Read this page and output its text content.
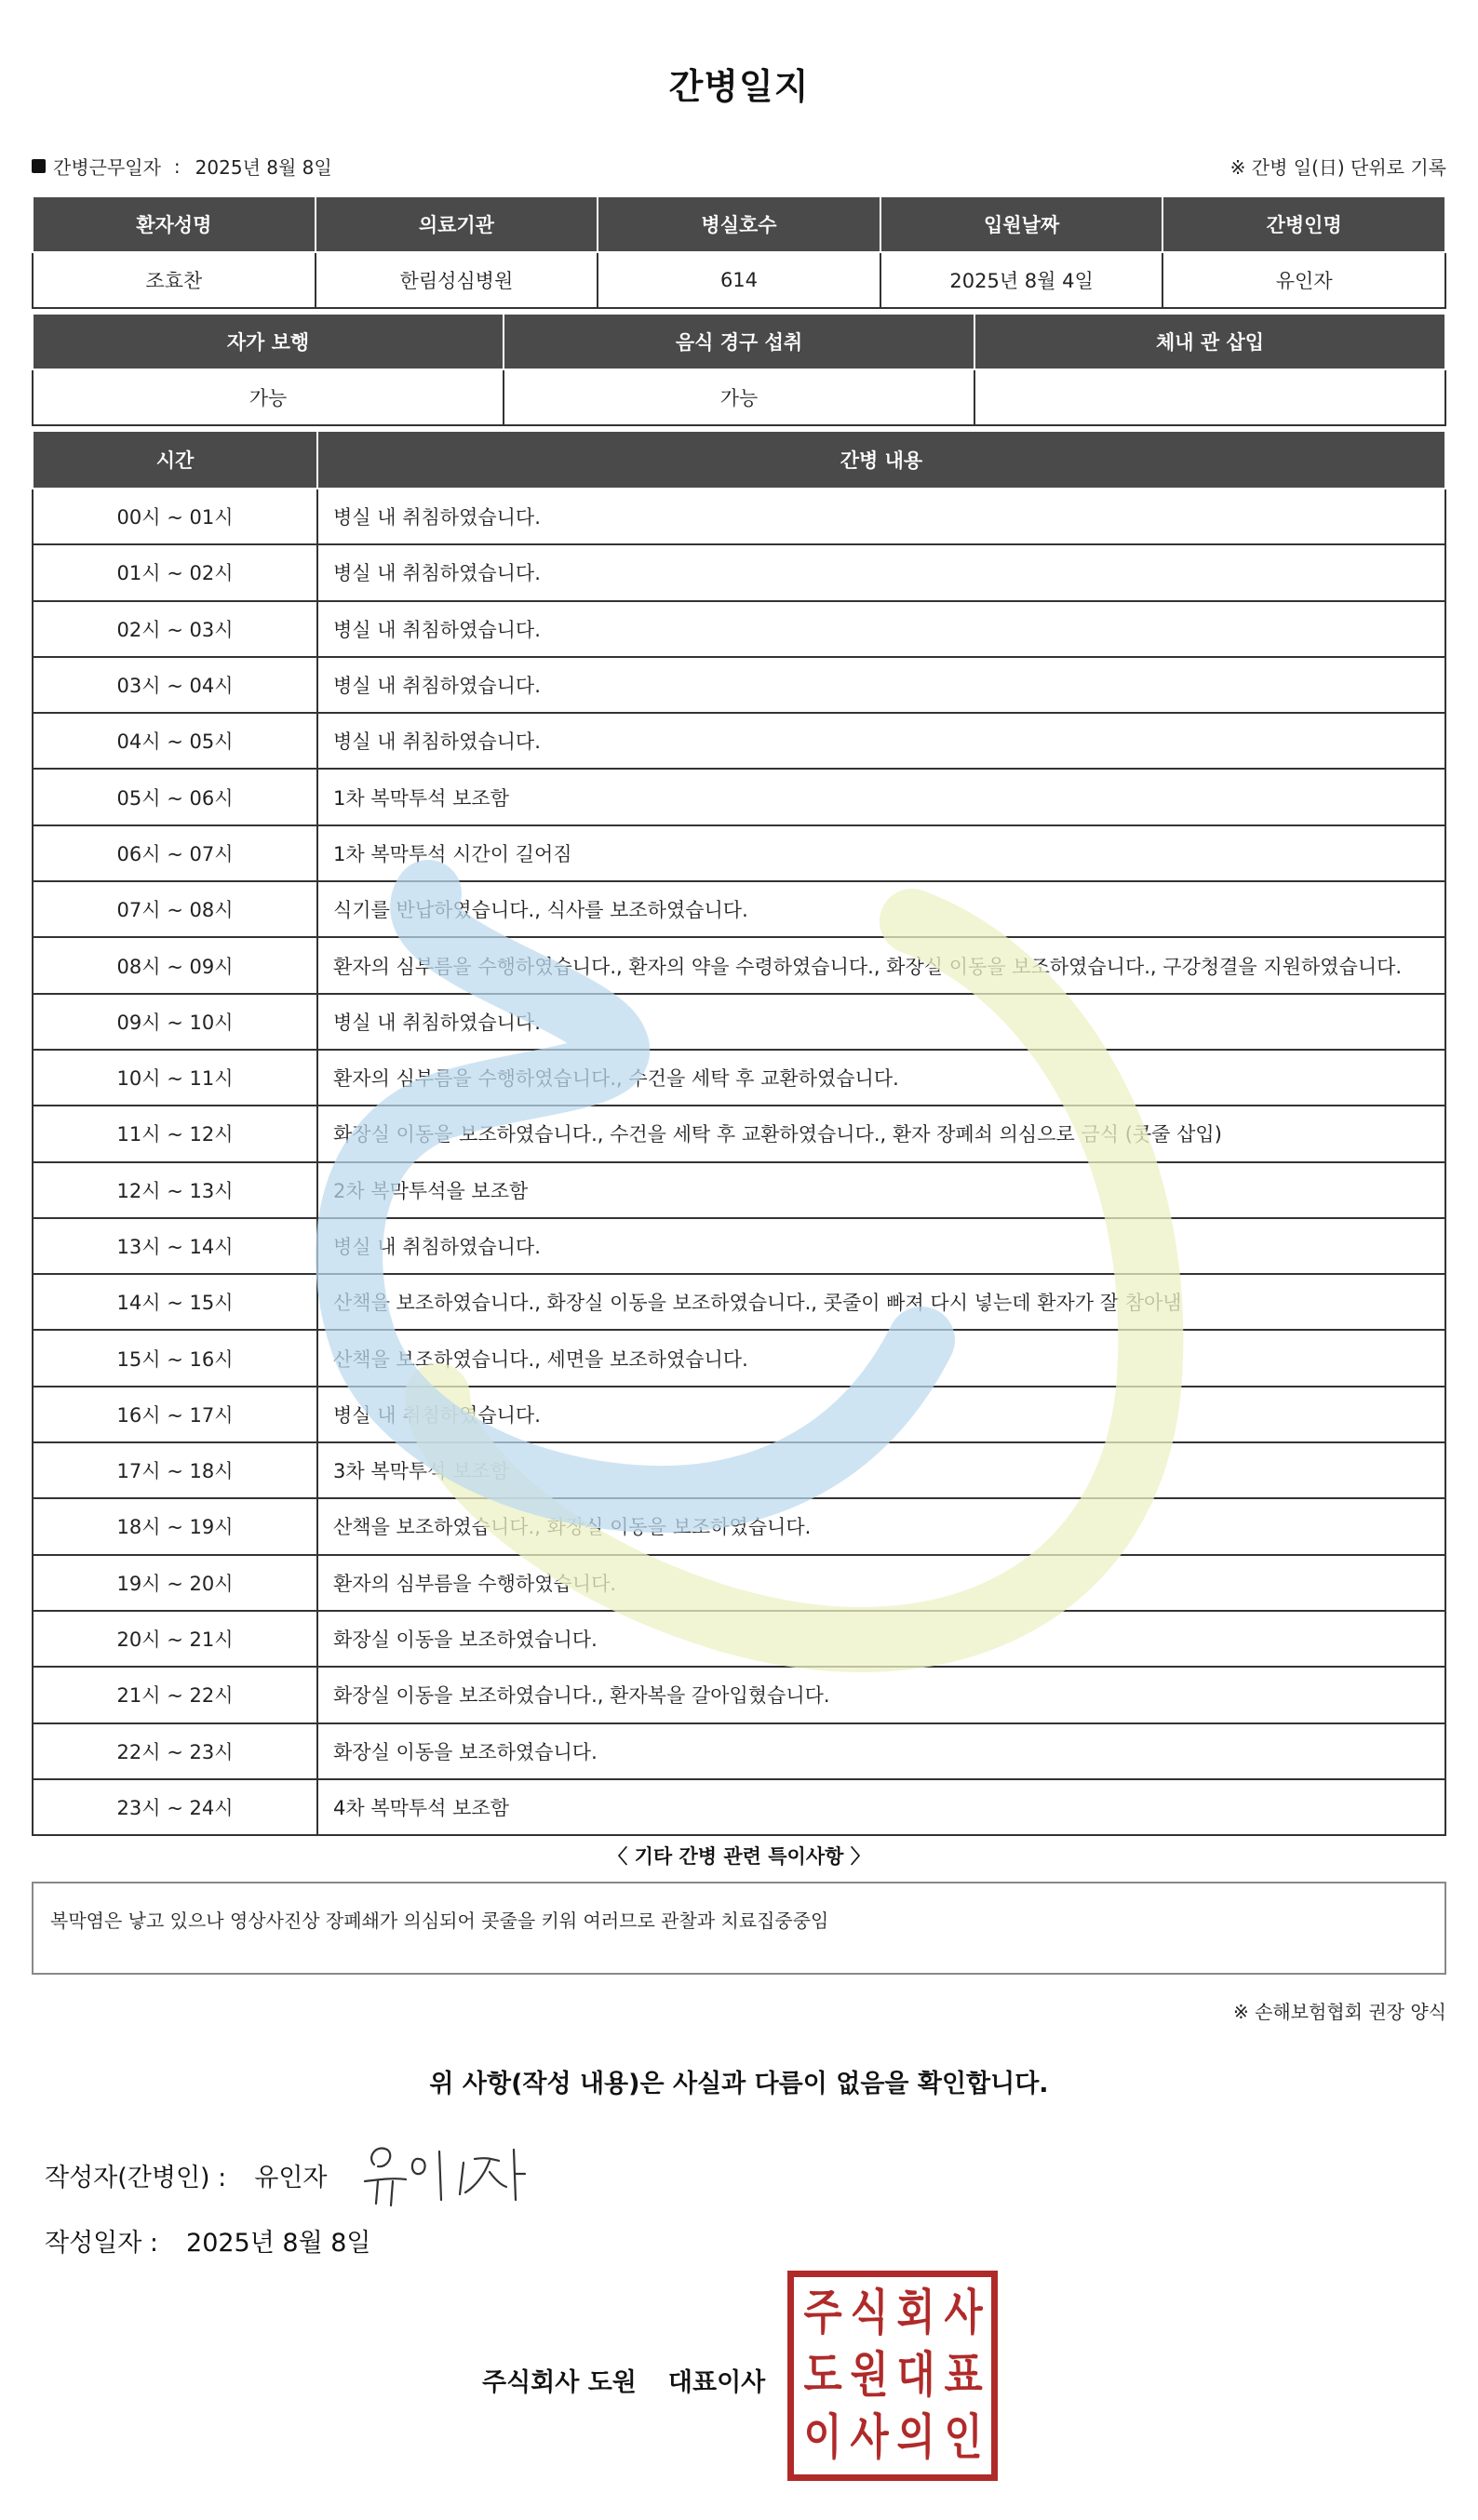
간병일지
간병근무일자 : 2025년 8월 8일	※ 간병 일(日) 단위로 기록
환자성명	의료기관	병실호수	입원날짜	간병인명
조효찬	한림성심병원	614	2025년 8월 4일	유인자
자가 보행	음식 경구 섭취	체내 관 삽입
가능	가능	
시간	간병 내용
00시 ~ 01시	병실 내 취침하였습니다.
01시 ~ 02시	병실 내 취침하였습니다.
02시 ~ 03시	병실 내 취침하였습니다.
03시 ~ 04시	병실 내 취침하였습니다.
04시 ~ 05시	병실 내 취침하였습니다.
05시 ~ 06시	1차 복막투석 보조함
06시 ~ 07시	1차 복막투석 시간이 길어짐
07시 ~ 08시	식기를 반납하였습니다., 식사를 보조하였습니다.
08시 ~ 09시	환자의 심부름을 수행하였습니다., 환자의 약을 수령하였습니다., 화장실 이동을 보조하였습니다., 구강청결을 지원하였습니다.
09시 ~ 10시	병실 내 취침하였습니다.
10시 ~ 11시	환자의 심부름을 수행하였습니다., 수건을 세탁 후 교환하였습니다.
11시 ~ 12시	화장실 이동을 보조하였습니다., 수건을 세탁 후 교환하였습니다., 환자 장폐쇠 의심으로 금식 (콧줄 삽입)
12시 ~ 13시	2차 복막투석을 보조함
13시 ~ 14시	병실 내 취침하였습니다.
14시 ~ 15시	산책을 보조하였습니다., 화장실 이동을 보조하였습니다., 콧줄이 빠져 다시 넣는데 환자가 잘 참아냄
15시 ~ 16시	산책을 보조하였습니다., 세면을 보조하였습니다.
16시 ~ 17시	병실 내 취침하였습니다.
17시 ~ 18시	3차 복막투석 보조함
18시 ~ 19시	산책을 보조하였습니다., 화장실 이동을 보조하였습니다.
19시 ~ 20시	환자의 심부름을 수행하였습니다.
20시 ~ 21시	화장실 이동을 보조하였습니다.
21시 ~ 22시	화장실 이동을 보조하였습니다., 환자복을 갈아입혔습니다.
22시 ~ 23시	화장실 이동을 보조하였습니다.
23시 ~ 24시	4차 복막투석 보조함
〈 기타 간병 관련 특이사항 〉
복막염은 낳고 있으나 영상사진상 장폐쇄가 의심되어 콧줄을 키워 여러므로 관찰과 치료집중중임
※ 손해보험협회 권장 양식
위 사항(작성 내용)은 사실과 다름이 없음을 확인합니다.
작성자(간병인) : 유인자
작성일자 : 2025년 8월 8일
주식회사 도원 대표이사
주 식 회 사
도 원 대 표
이 사 의 인
